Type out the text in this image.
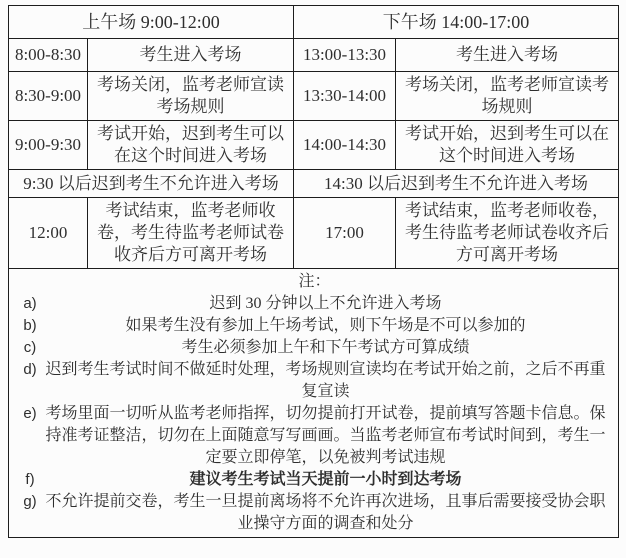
上午场 9:00-12:00		下午场 14:00-17:00	
8:00-8:30	考生进入考场	13:00-13:30	考生进入考场
8:30-9:00	考场关闭，监考老师宣读考场规则	13:30-14:00	考场关闭，监考老师宣读考场规则
9:00-9:30	考试开始，迟到考生可以在这个时间进入考场	14:00-14:30	考试开始，迟到考生可以在这个时间进入考场
9:30 以后迟到考生不允许进入考场		14:30 以后迟到考生不允许进入考场	
12:00	考试结束，监考老师收卷，考生待监考老师试卷收齐后方可离开考场	17:00	考试结束，监考老师收卷，考生待监考老师试卷收齐后方可离开考场

注：
a)	迟到 30 分钟以上不允许进入考场
b)	如果考生没有参加上午场考试，则下午场是不可以参加的
c)	考生必须参加上午和下午考试方可算成绩
d) 迟到考生考试时间不做延时处理，考场规则宣读均在考试开始之前，之后不再重复宣读
e) 考场里面一切听从监考老师指挥，切勿提前打开试卷，提前填写答题卡信息。保持准考证整洁，切勿在上面随意写写画画。当监考老师宣布考试时间到，考生一定要立即停笔，以免被判考试违规
f)	建议考生考试当天提前一小时到达考场
g) 不允许提前交卷，考生一旦提前离场将不允许再次进场，且事后需要接受协会职业操守方面的调查和处分
